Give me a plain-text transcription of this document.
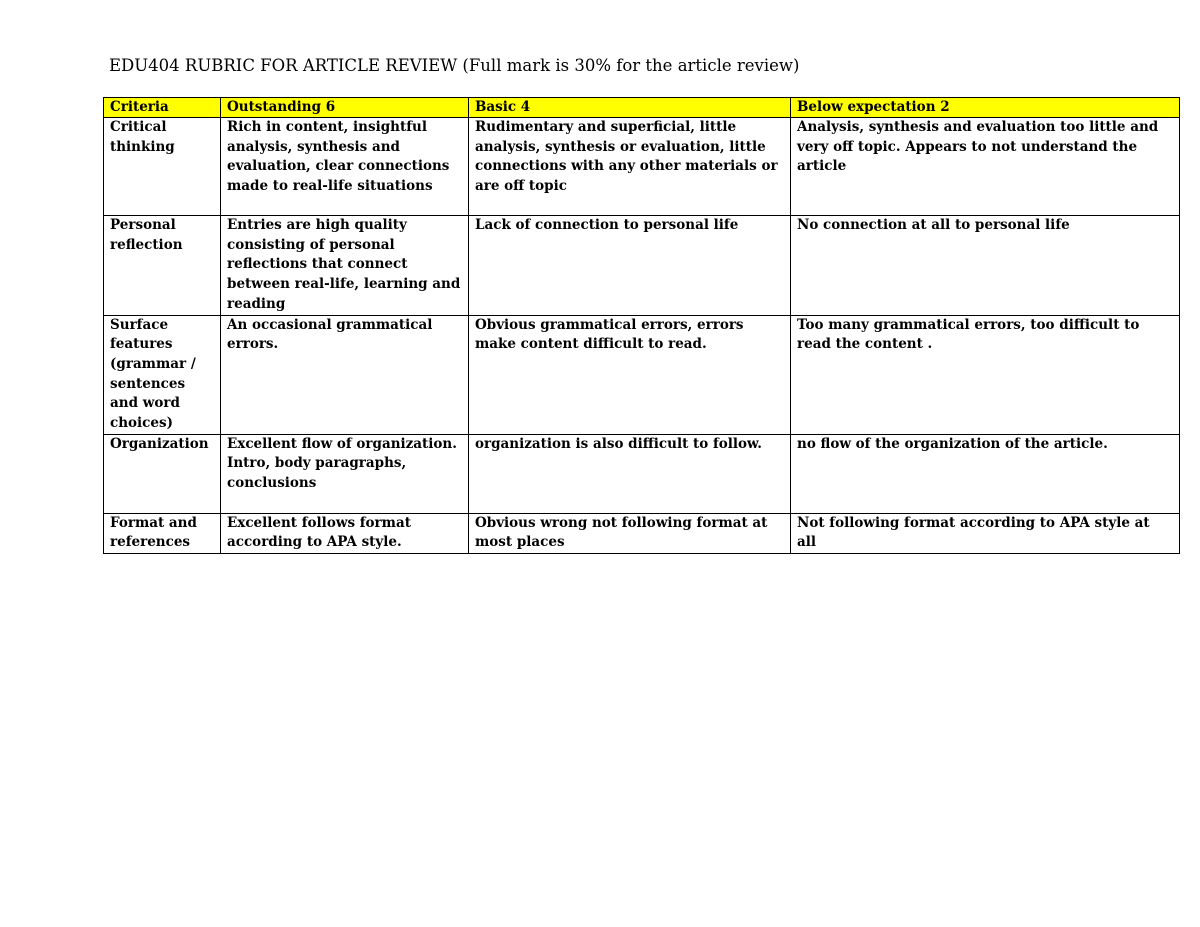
EDU404 RUBRIC FOR ARTICLE REVIEW (Full mark is 30% for the article review)
Criteria	Outstanding 6	Basic 4	Below expectation 2
Critical thinking	Rich in content, insightful analysis, synthesis and evaluation, clear connections made to real-life situations	Rudimentary and superficial, little analysis, synthesis or evaluation, little connections with any other materials or are off topic	Analysis, synthesis and evaluation too little and very off topic. Appears to not understand the article
Personal reflection	Entries are high quality consisting of personal reflections that connect between real-life, learning and reading	Lack of connection to personal life	No connection at all to personal life
Surface features (grammar / sentences and word choices)	An occasional grammatical errors.	Obvious grammatical errors, errors make content difficult to read.	Too many grammatical errors, too difficult to read the content .
Organization	Excellent flow of organization. Intro, body paragraphs, conclusions	organization is also difficult to follow.	no flow of the organization of the article.
Format and references	Excellent follows format according to APA style.	Obvious wrong not following format at most places	Not following format according to APA style at all
